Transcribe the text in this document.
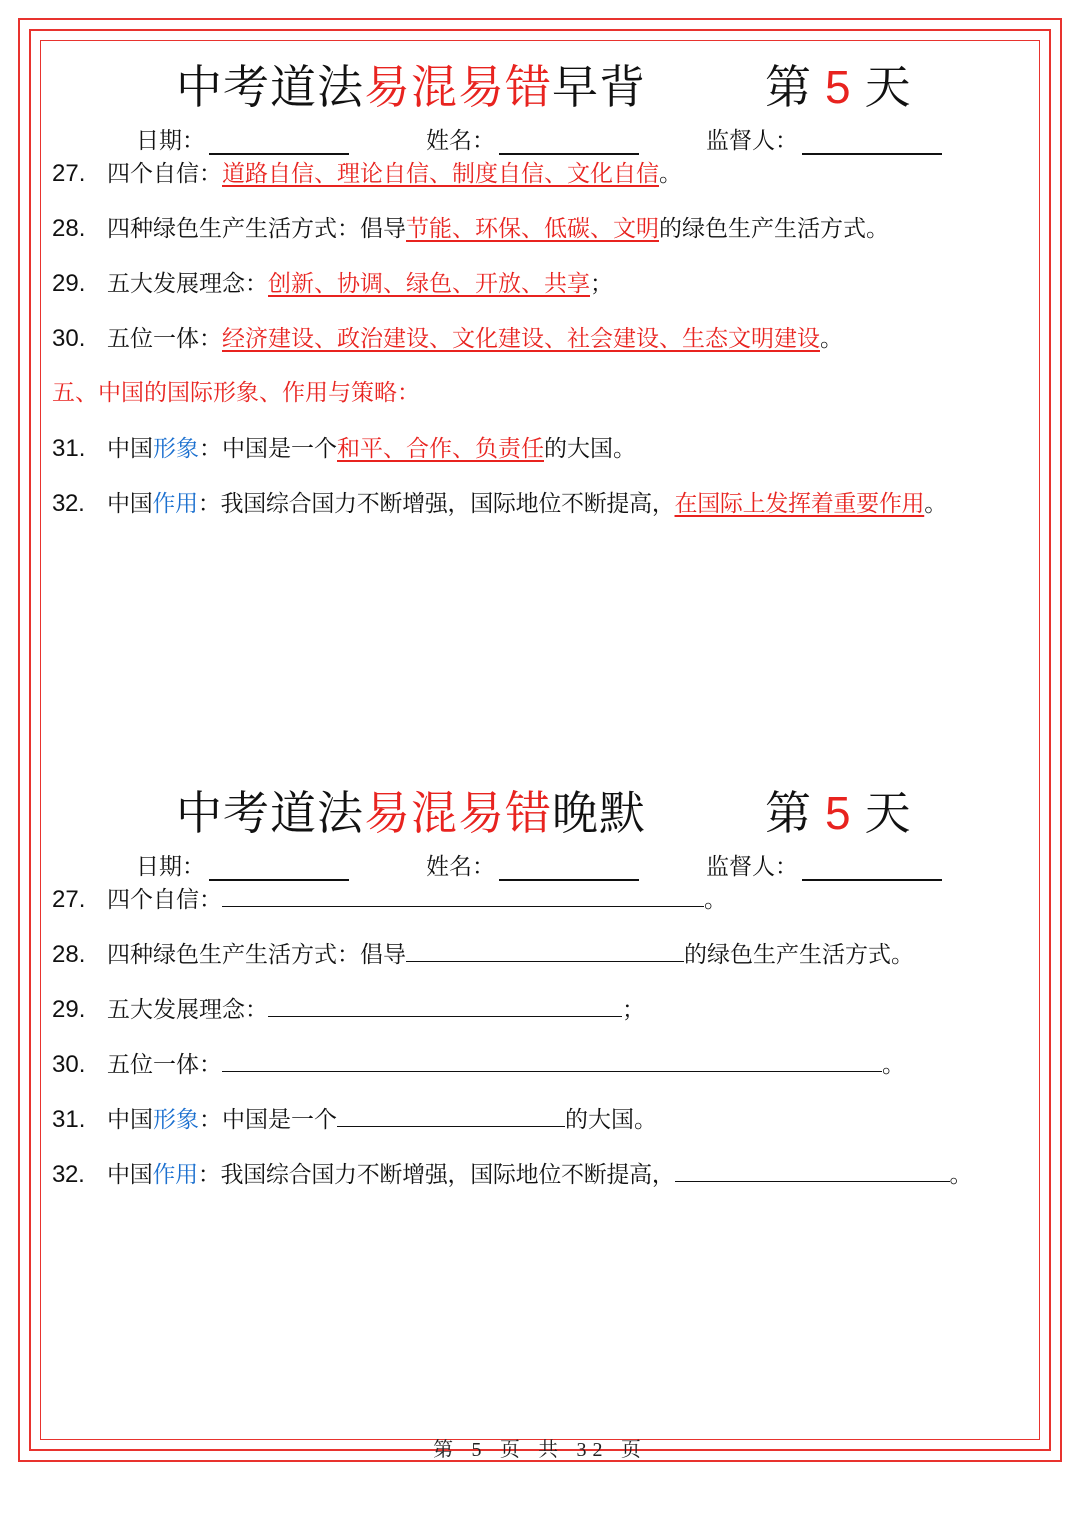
中考道法易混易错早背	第 5 天
日期：	姓名：	监督人：
27. 四个自信：道路自信、理论自信、制度自信、文化自信。
28. 四种绿色生产生活方式：倡导节能、环保、低碳、文明的绿色生产生活方式。
29. 五大发展理念：创新、协调、绿色、开放、共享；
30. 五位一体：经济建设、政治建设、文化建设、社会建设、生态文明建设。
五、中国的国际形象、作用与策略：
31. 中国形象：中国是一个和平、合作、负责任的大国。
32. 中国作用：我国综合国力不断增强，国际地位不断提高，在国际上发挥着重要作用。
中考道法易混易错晚默	第 5 天
日期：	姓名：	监督人：
27. 四个自信：	。
28. 四种绿色生产生活方式：倡导	的绿色生产生活方式。
29. 五大发展理念：	；
30. 五位一体：	。
31. 中国形象：中国是一个	的大国。
32. 中国作用：我国综合国力不断增强，国际地位不断提高，	。
第 5 页 共 32 页
